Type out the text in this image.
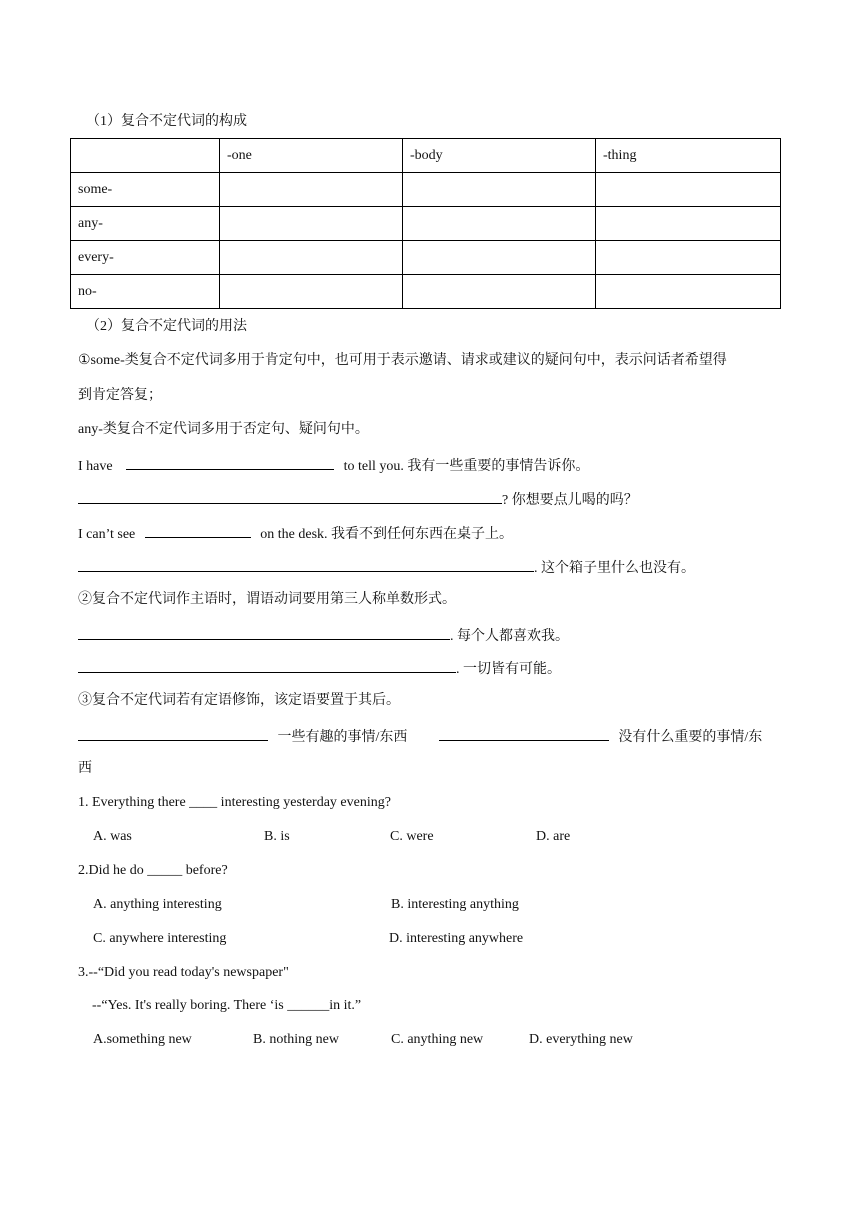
（1）复合不定代词的构成
	-one	-body	-thing
some-			
any-			
every-			
no-			
（2）复合不定代词的用法
①some-类复合不定代词多用于肯定句中，也可用于表示邀请、请求或建议的疑问句中，表示问话者希望得
到肯定答复；
any-类复合不定代词多用于否定句、疑问句中。
I have	to tell you. 我有一些重要的事情告诉你。
? 你想要点儿喝的吗？
I can’t see	on the desk. 我看不到任何东西在桌子上。
. 这个箱子里什么也没有。
②复合不定代词作主语时，谓语动词要用第三人称单数形式。
. 每个人都喜欢我。
. 一切皆有可能。
③复合不定代词若有定语修饰，该定语要置于其后。
一些有趣的事情/东西	没有什么重要的事情/东
西
1. Everything there ____ interesting yesterday evening?
A. was	B. is	C. were	D. are
2.Did he do _____ before?
A. anything interesting	B. interesting anything
C. anywhere interesting	D. interesting anywhere
3.--“Did you read today's newspaper"
--“Yes. It's really boring. There ‘is ______in it.”
A.something new	B. nothing new	C. anything new	D. everything new
